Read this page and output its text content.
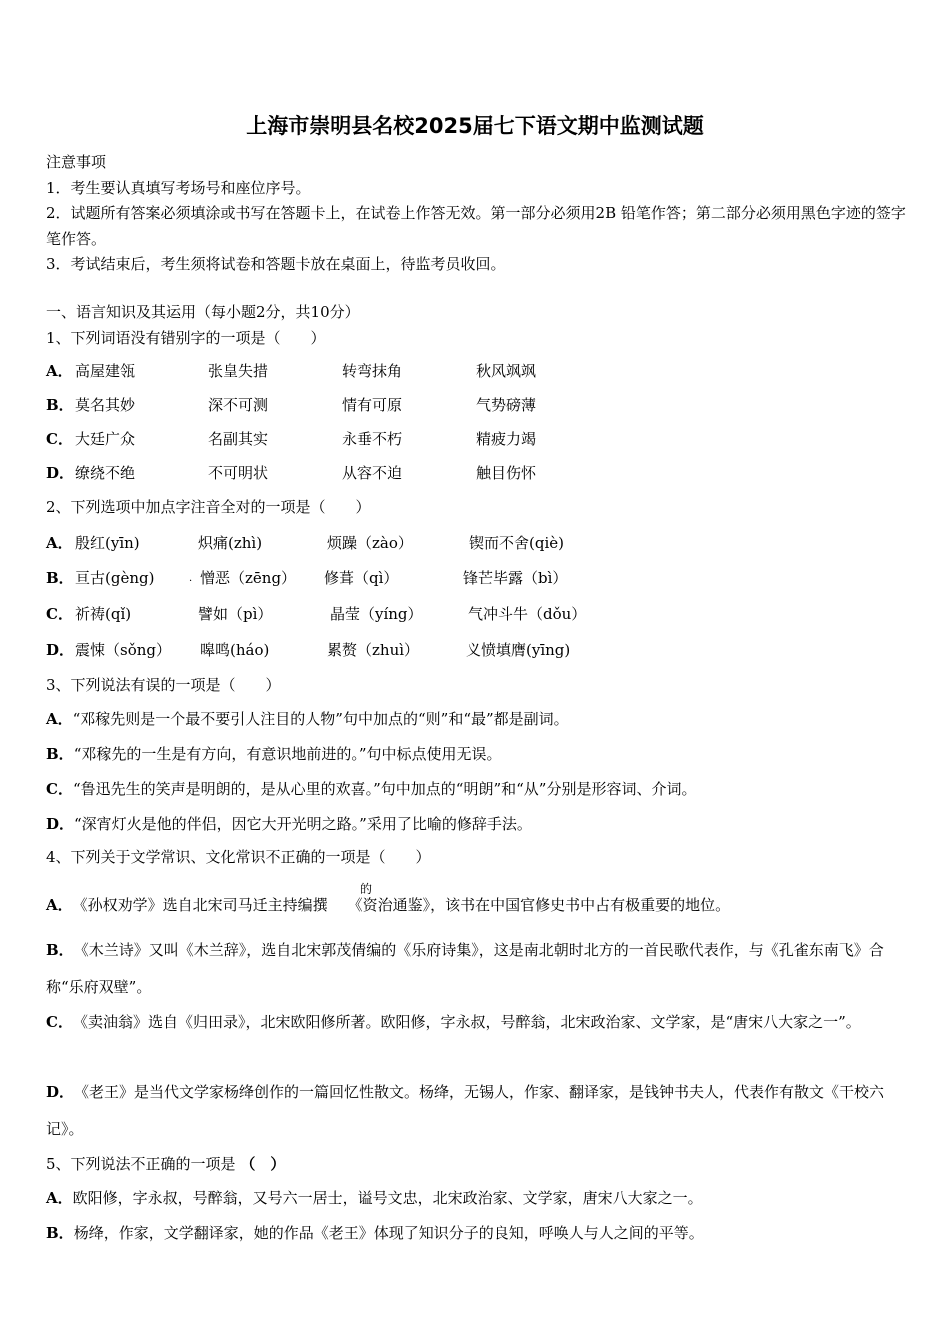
上海市崇明县名校2025届七下语文期中监测试题
注意事项
1．考生要认真填写考场号和座位序号。
2．试题所有答案必须填涂或书写在答题卡上，在试卷上作答无效。第一部分必须用2B 铅笔作答；第二部分必须用黑色字迹的签字笔作答。
3．考试结束后，考生须将试卷和答题卡放在桌面上，待监考员收回。
一、语言知识及其运用（每小题2分，共10分）
1、下列词语没有错别字的一项是（　　）
A． 高屋建瓴	张皇失措	转弯抹角	秋风飒飒
B． 莫名其妙	深不可测	情有可原	气势磅薄
C． 大廷广众	名副其实	永垂不朽	精疲力竭
D． 缭绕不绝	不可明状	从容不迫	触目伤怀
2、下列选项中加点字注音全对的一项是（　　）
A． 殷红(yīn)	炽痛(zhì)	烦躁（zào）	锲而不舍(qiè)
B． 亘古(gèng)	· 憎恶（zēng） 修葺（qì）	锋芒毕露（bì）
C． 祈祷(qǐ)	譬如（pì）	晶莹（yíng）	气冲斗牛（dǒu）
D． 震悚（sǒng） 嗥鸣(háo)	累赘（zhuì）	义愤填膺(yīng)
3、下列说法有误的一项是（　　）
A．“邓稼先则是一个最不要引人注目的人物”句中加点的“则”和“最”都是副词。
B．“邓稼先的一生是有方向，有意识地前进的。”句中标点使用无误。
C．“鲁迅先生的笑声是明朗的，是从心里的欢喜。”句中加点的“明朗”和“从”分别是形容词、介词。
D．“深宵灯火是他的伴侣，因它大开光明之路。”采用了比喻的修辞手法。
4、下列关于文学常识、文化常识不正确的一项是（　　）
的
A．《孙权劝学》选自北宋司马迁主持编撰 《资治通鉴》，该书在中国官修史书中占有极重要的地位。
B．《木兰诗》又叫《木兰辞》，选自北宋郭茂倩编的《乐府诗集》，这是南北朝时北方的一首民歌代表作，与《孔雀东南飞》合称“乐府双壁”。
C．《卖油翁》选自《归田录》，北宋欧阳修所著。欧阳修，字永叔，号醉翁，北宋政治家、文学家，是“唐宋八大家之一”。
D．《老王》是当代文学家杨绛创作的一篇回忆性散文。杨绛，无锡人，作家、翻译家，是钱钟书夫人，代表作有散文《干校六记》。
5、下列说法不正确的一项是 （　）
A．欧阳修，字永叔，号醉翁，又号六一居士，谥号文忠，北宋政治家、文学家，唐宋八大家之一。
B．杨绛，作家，文学翻译家，她的作品《老王》体现了知识分子的良知，呼唤人与人之间的平等。
